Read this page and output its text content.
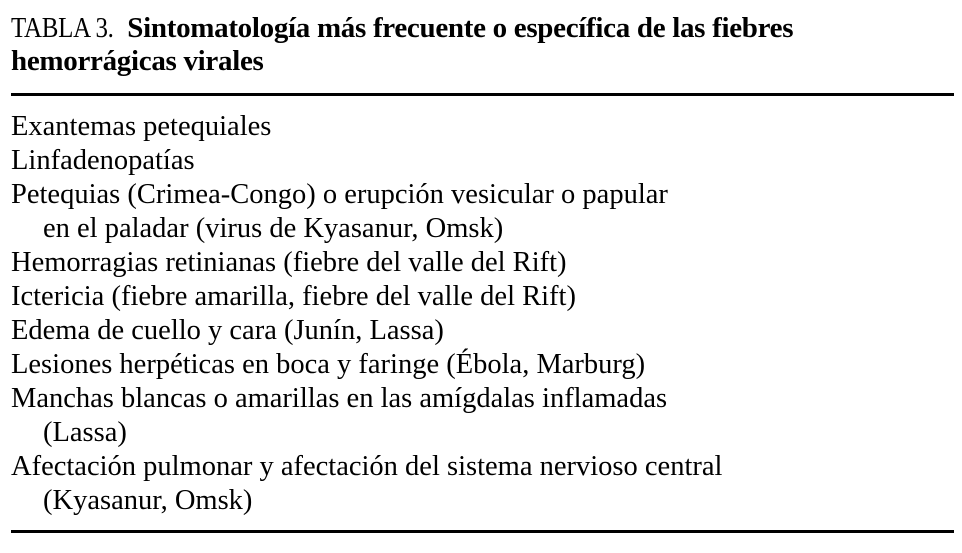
TABLA 3. Sintomatología más frecuente o específica de las fiebres
hemorrágicas virales
Exantemas petequiales
Linfadenopatías
Petequias (Crimea-Congo) o erupción vesicular o papular
en el paladar (virus de Kyasanur, Omsk)
Hemorragias retinianas (fiebre del valle del Rift)
Ictericia (fiebre amarilla, fiebre del valle del Rift)
Edema de cuello y cara (Junín, Lassa)
Lesiones herpéticas en boca y faringe (Ébola, Marburg)
Manchas blancas o amarillas en las amígdalas inflamadas
(Lassa)
Afectación pulmonar y afectación del sistema nervioso central
(Kyasanur, Omsk)
